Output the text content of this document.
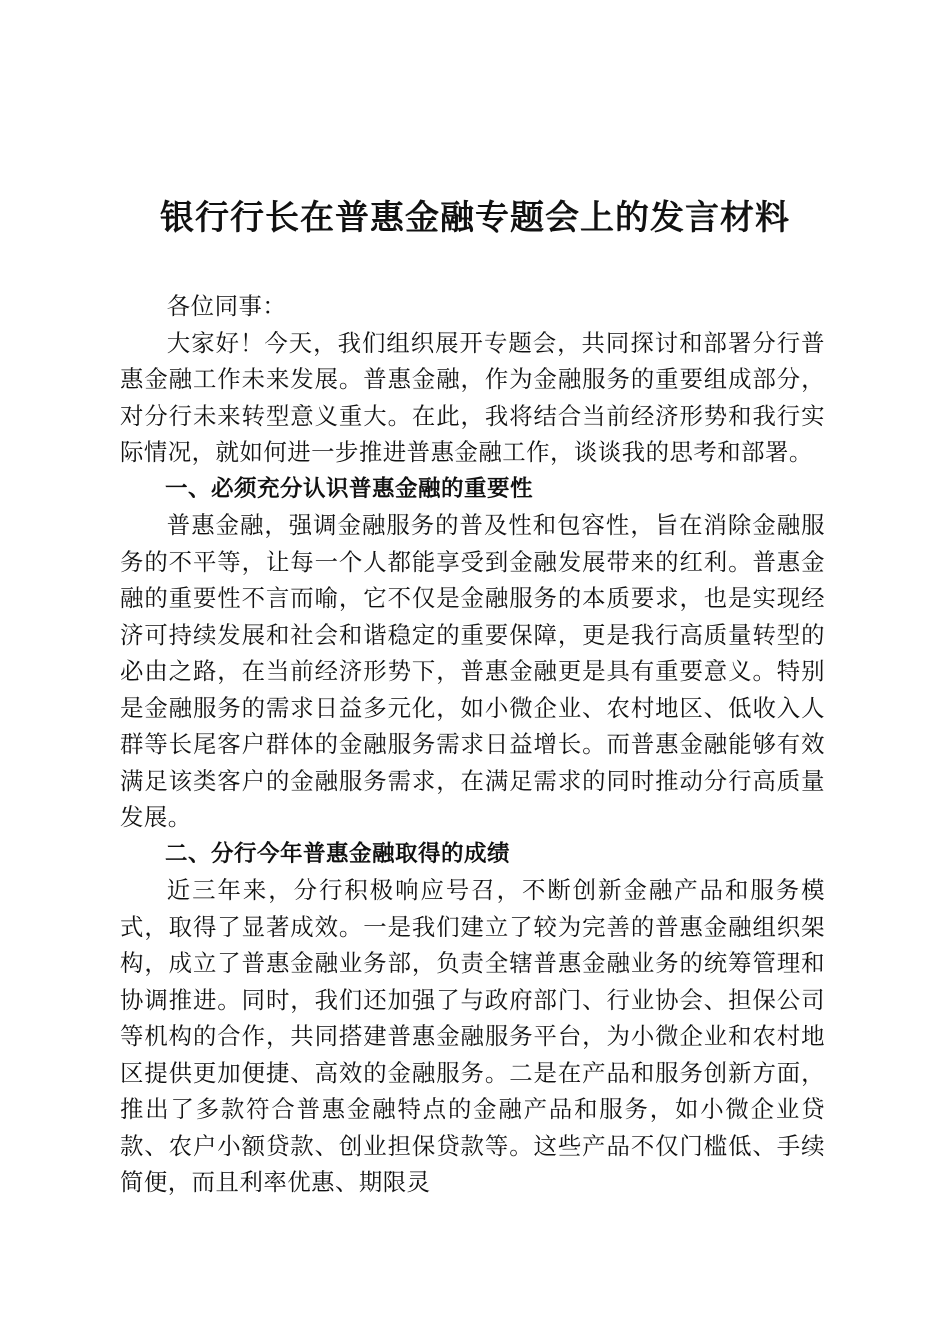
银行行长在普惠金融专题会上的发言材料

各位同事：

大家好！今天，我们组织展开专题会，共同探讨和部署分行普惠金融工作未来发展。普惠金融，作为金融服务的重要组成部分，对分行未来转型意义重大。在此，我将结合当前经济形势和我行实际情况，就如何进一步推进普惠金融工作，谈谈我的思考和部署。

一、必须充分认识普惠金融的重要性

普惠金融，强调金融服务的普及性和包容性，旨在消除金融服务的不平等，让每一个人都能享受到金融发展带来的红利。普惠金融的重要性不言而喻，它不仅是金融服务的本质要求，也是实现经济可持续发展和社会和谐稳定的重要保障，更是我行高质量转型的必由之路，在当前经济形势下，普惠金融更是具有重要意义。特别是金融服务的需求日益多元化，如小微企业、农村地区、低收入人群等长尾客户群体的金融服务需求日益增长。而普惠金融能够有效满足该类客户的金融服务需求，在满足需求的同时推动分行高质量发展。

二、分行今年普惠金融取得的成绩

近三年来，分行积极响应号召，不断创新金融产品和服务模式，取得了显著成效。一是我们建立了较为完善的普惠金融组织架构，成立了普惠金融业务部，负责全辖普惠金融业务的统筹管理和协调推进。同时，我们还加强了与政府部门、行业协会、担保公司等机构的合作，共同搭建普惠金融服务平台，为小微企业和农村地区提供更加便捷、高效的金融服务。二是在产品和服务创新方面，推出了多款符合普惠金融特点的金融产品和服务，如小微企业贷款、农户小额贷款、创业担保贷款等。这些产品不仅门槛低、手续简便，而且利率优惠、期限灵
